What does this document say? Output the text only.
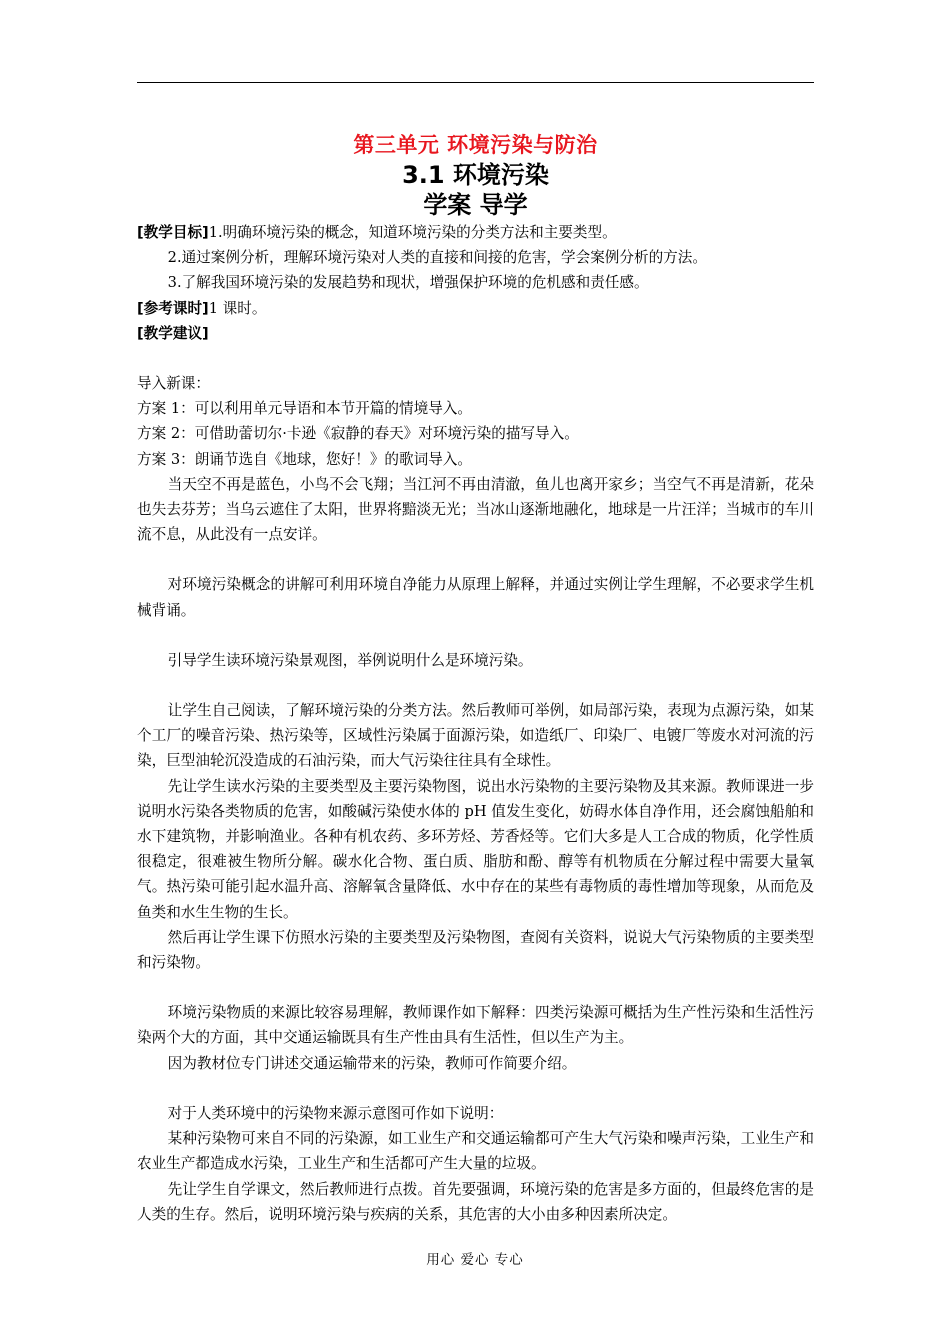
第三单元 环境污染与防治
3.1 环境污染
学案 导学

[教学目标]1.明确环境污染的概念，知道环境污染的分类方法和主要类型。

2.通过案例分析，理解环境污染对人类的直接和间接的危害，学会案例分析的方法。

3.了解我国环境污染的发展趋势和现状，增强保护环境的危机感和责任感。

[参考课时]1 课时。

[教学建议]

导入新课：

方案 1：可以利用单元导语和本节开篇的情境导入。

方案 2：可借助蕾切尔·卡逊《寂静的春天》对环境污染的描写导入。

方案 3：朗诵节选自《地球，您好！》的歌词导入。

当天空不再是蓝色，小鸟不会飞翔；当江河不再由清澈，鱼儿也离开家乡；当空气不再是清新，花朵也失去芬芳；当乌云遮住了太阳，世界将黯淡无光；当冰山逐渐地融化，地球是一片汪洋；当城市的车川流不息，从此没有一点安详。

对环境污染概念的讲解可利用环境自净能力从原理上解释，并通过实例让学生理解，不必要求学生机械背诵。

引导学生读环境污染景观图，举例说明什么是环境污染。

让学生自己阅读，了解环境污染的分类方法。然后教师可举例，如局部污染，表现为点源污染，如某个工厂的噪音污染、热污染等，区域性污染属于面源污染，如造纸厂、印染厂、电镀厂等废水对河流的污染，巨型油轮沉没造成的石油污染，而大气污染往往具有全球性。

先让学生读水污染的主要类型及主要污染物图，说出水污染物的主要污染物及其来源。教师课进一步说明水污染各类物质的危害，如酸碱污染使水体的 pH 值发生变化，妨碍水体自净作用，还会腐蚀船舶和水下建筑物，并影响渔业。各种有机农药、多环芳烃、芳香烃等。它们大多是人工合成的物质，化学性质很稳定，很难被生物所分解。碳水化合物、蛋白质、脂肪和酚、醇等有机物质在分解过程中需要大量氧气。热污染可能引起水温升高、溶解氧含量降低、水中存在的某些有毒物质的毒性增加等现象，从而危及鱼类和水生生物的生长。

然后再让学生课下仿照水污染的主要类型及污染物图，查阅有关资料，说说大气污染物质的主要类型和污染物。

环境污染物质的来源比较容易理解，教师课作如下解释：四类污染源可概括为生产性污染和生活性污染两个大的方面，其中交通运输既具有生产性由具有生活性，但以生产为主。

因为教材位专门讲述交通运输带来的污染，教师可作简要介绍。

对于人类环境中的污染物来源示意图可作如下说明：

某种污染物可来自不同的污染源，如工业生产和交通运输都可产生大气污染和噪声污染，工业生产和农业生产都造成水污染，工业生产和生活都可产生大量的垃圾。

先让学生自学课文，然后教师进行点拨。首先要强调，环境污染的危害是多方面的，但最终危害的是人类的生存。然后，说明环境污染与疾病的关系，其危害的大小由多种因素所决定。

用心 爱心 专心
